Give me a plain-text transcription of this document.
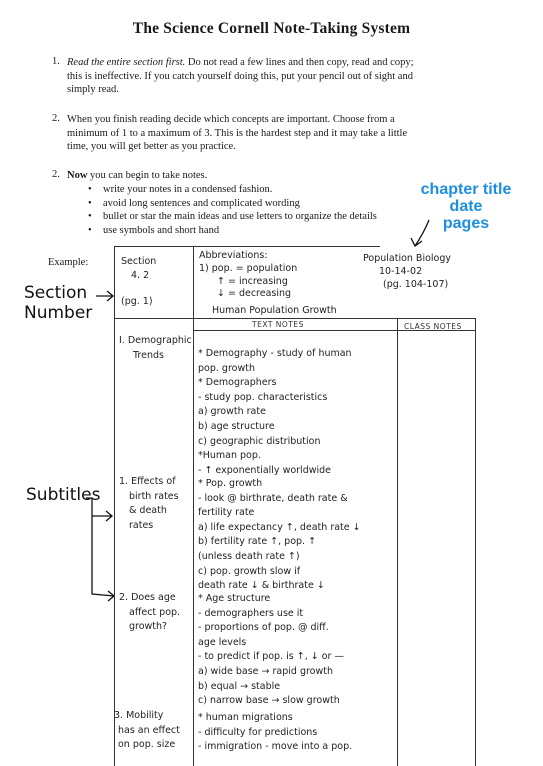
The Science Cornell Note-Taking System
1. Read the entire section first. Do not read a few lines and then copy, read and copy;
this is ineffective. If you catch yourself doing this, put your pencil out of sight and
simply read.
2. When you finish reading decide which concepts are important. Choose from a
minimum of 1 to a maximum of 3. This is the hardest step and it may take a little
time, you will get better as you practice.
2. Now you can begin to take notes.
• write your notes in a condensed fashion.
• avoid long sentences and complicated wording
• bullet or star the main ideas and use letters to organize the details
• use symbols and short hand
chapter title
date
pages
Example:
Section
Number
Subtitles
Section
4. 2
(pg. 1)
Abbreviations:
1) pop. = population
↑ = increasing
↓ = decreasing
Human Population Growth
Population Biology
10-14-02
(pg. 104-107)
TEXT NOTES	CLASS NOTES
I. Demographic
Trends	* Demography - study of human
pop. growth
* Demographers
- study pop. characteristics
a) growth rate
b) age structure
c) geographic distribution
*Human pop.
- ↑ exponentially worldwide
1. Effects of
birth rates
& death
rates
* Pop. growth
- look @ birthrate, death rate &
fertility rate
a) life expectancy ↑, death rate ↓
b) fertility rate ↑, pop. ↑
(unless death rate ↑)
c) pop. growth slow if
death rate ↓ & birthrate ↓
2. Does age
affect pop.
growth?
* Age structure
- demographers use it
- proportions of pop. @ diff.
age levels
- to predict if pop. is ↑, ↓ or —
a) wide base → rapid growth
b) equal → stable
c) narrow base → slow growth
3. Mobility
has an effect
on pop. size
* human migrations
- difficulty for predictions
- immigration - move into a pop.
